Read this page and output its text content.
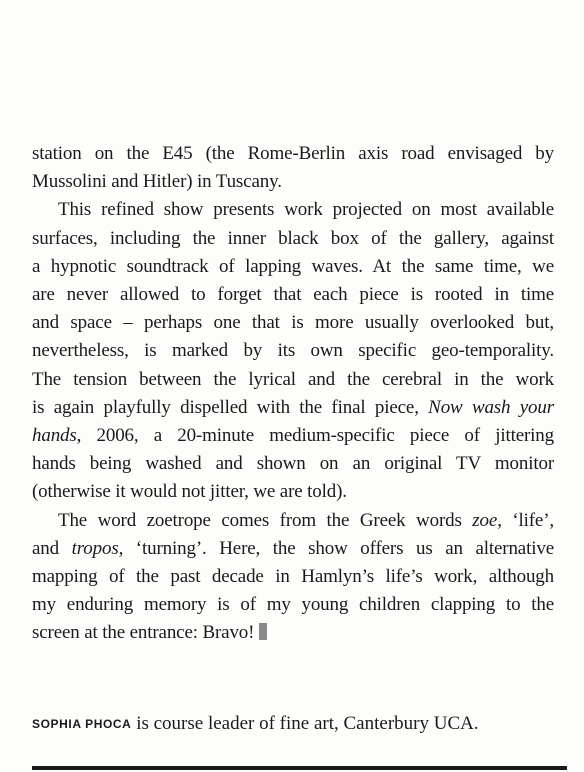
station on the E45 (the Rome-Berlin axis road envisaged by
Mussolini and Hitler) in Tuscany.

This refined show presents work projected on most available
surfaces, including the inner black box of the gallery, against
a hypnotic soundtrack of lapping waves. At the same time, we
are never allowed to forget that each piece is rooted in time
and space – perhaps one that is more usually overlooked but,
nevertheless, is marked by its own specific geo-temporality.
The tension between the lyrical and the cerebral in the work
is again playfully dispelled with the final piece, Now wash your
hands, 2006, a 20-minute medium-specific piece of jittering
hands being washed and shown on an original TV monitor
(otherwise it would not jitter, we are told).

The word zoetrope comes from the Greek words zoe, ‘life’,
and tropos, ‘turning’. Here, the show offers us an alternative
mapping of the past decade in Hamlyn’s life’s work, although
my enduring memory is of my young children clapping to the
screen at the entrance: Bravo!

SOPHIA PHOCA is course leader of fine art, Canterbury UCA.
